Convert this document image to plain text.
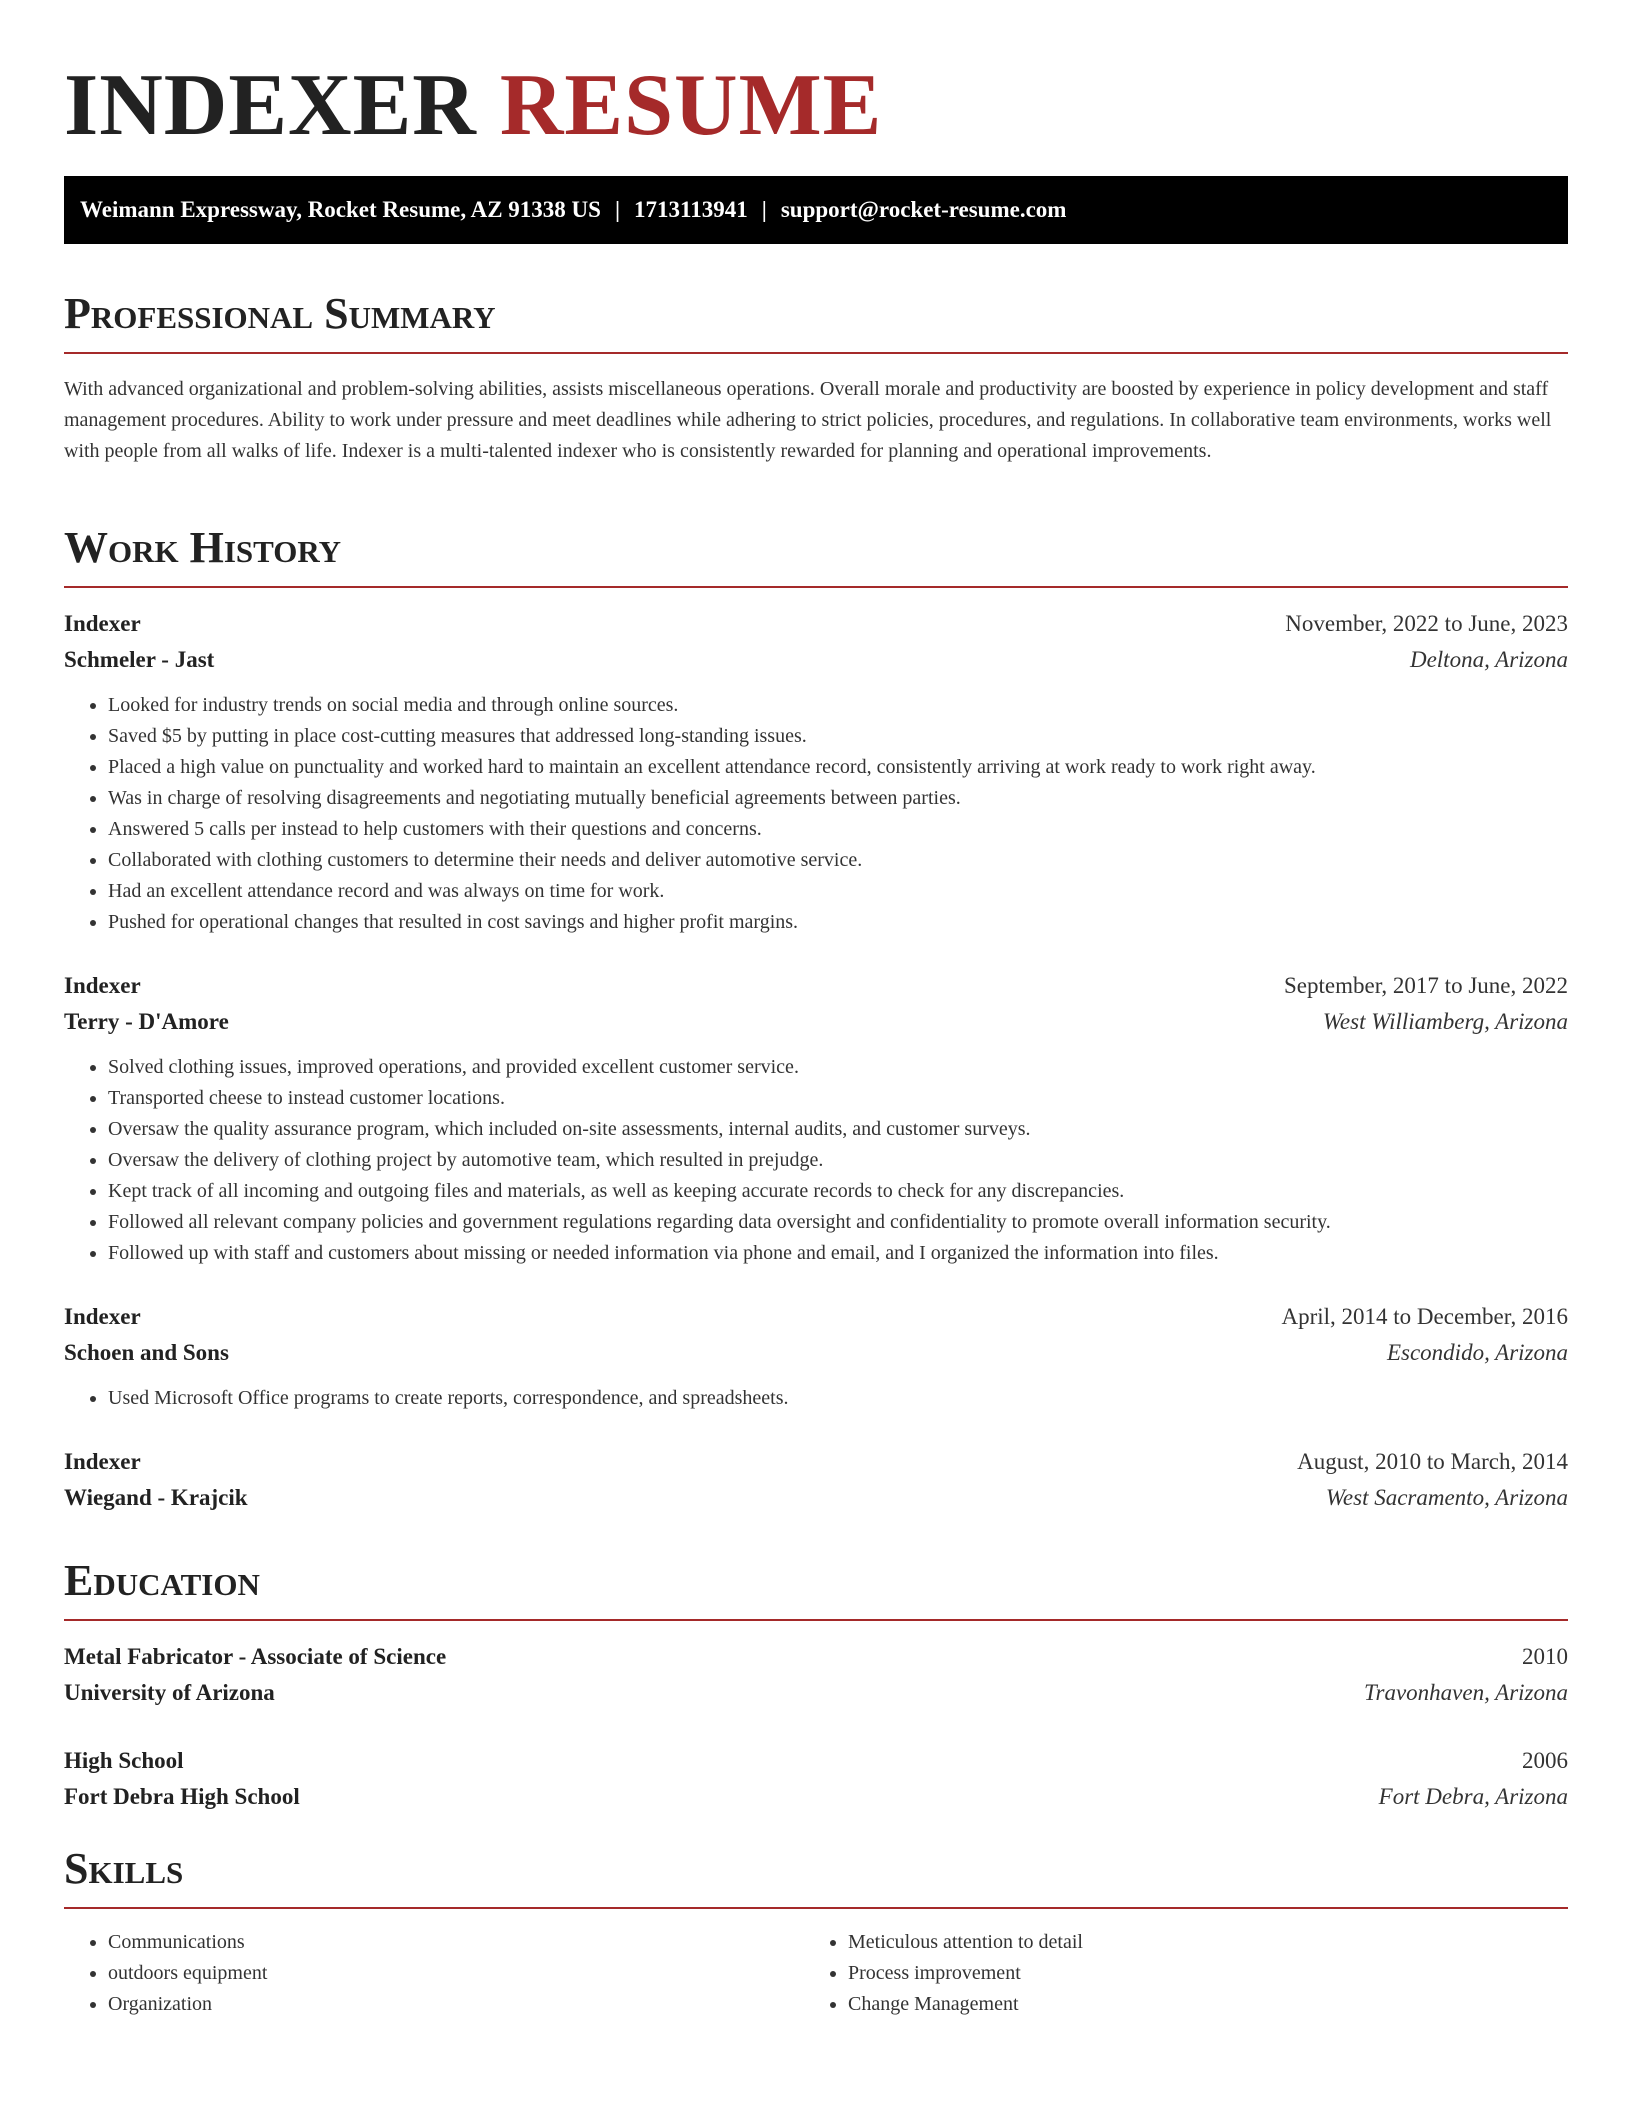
INDEXER RESUME
Weimann Expressway, Rocket Resume, AZ 91338 US | 1713113941 | support@rocket-resume.com
Professional Summary

With advanced organizational and problem-solving abilities, assists miscellaneous operations. Overall morale and productivity are boosted by experience in policy development and staff management procedures. Ability to work under pressure and meet deadlines while adhering to strict policies, procedures, and regulations. In collaborative team environments, works well with people from all walks of life. Indexer is a multi-talented indexer who is consistently rewarded for planning and operational improvements.

Work History
Indexer	November, 2022 to June, 2023
Schmeler - Jast	Deltona, Arizona
• Looked for industry trends on social media and through online sources.
• Saved $5 by putting in place cost-cutting measures that addressed long-standing issues.
• Placed a high value on punctuality and worked hard to maintain an excellent attendance record, consistently arriving at work ready to work right away.
• Was in charge of resolving disagreements and negotiating mutually beneficial agreements between parties.
• Answered 5 calls per instead to help customers with their questions and concerns.
• Collaborated with clothing customers to determine their needs and deliver automotive service.
• Had an excellent attendance record and was always on time for work.
• Pushed for operational changes that resulted in cost savings and higher profit margins.
Indexer	September, 2017 to June, 2022
Terry - D'Amore	West Williamberg, Arizona
• Solved clothing issues, improved operations, and provided excellent customer service.
• Transported cheese to instead customer locations.
• Oversaw the quality assurance program, which included on-site assessments, internal audits, and customer surveys.
• Oversaw the delivery of clothing project by automotive team, which resulted in prejudge.
• Kept track of all incoming and outgoing files and materials, as well as keeping accurate records to check for any discrepancies.
• Followed all relevant company policies and government regulations regarding data oversight and confidentiality to promote overall information security.
• Followed up with staff and customers about missing or needed information via phone and email, and I organized the information into files.
Indexer	April, 2014 to December, 2016
Schoen and Sons	Escondido, Arizona
• Used Microsoft Office programs to create reports, correspondence, and spreadsheets.
Indexer	August, 2010 to March, 2014
Wiegand - Krajcik	West Sacramento, Arizona
Education
Metal Fabricator - Associate of Science	2010
University of Arizona	Travonhaven, Arizona
High School	2006
Fort Debra High School	Fort Debra, Arizona
Skills
• Communications
• outdoors equipment
• Organization
• Meticulous attention to detail
• Process improvement
• Change Management
